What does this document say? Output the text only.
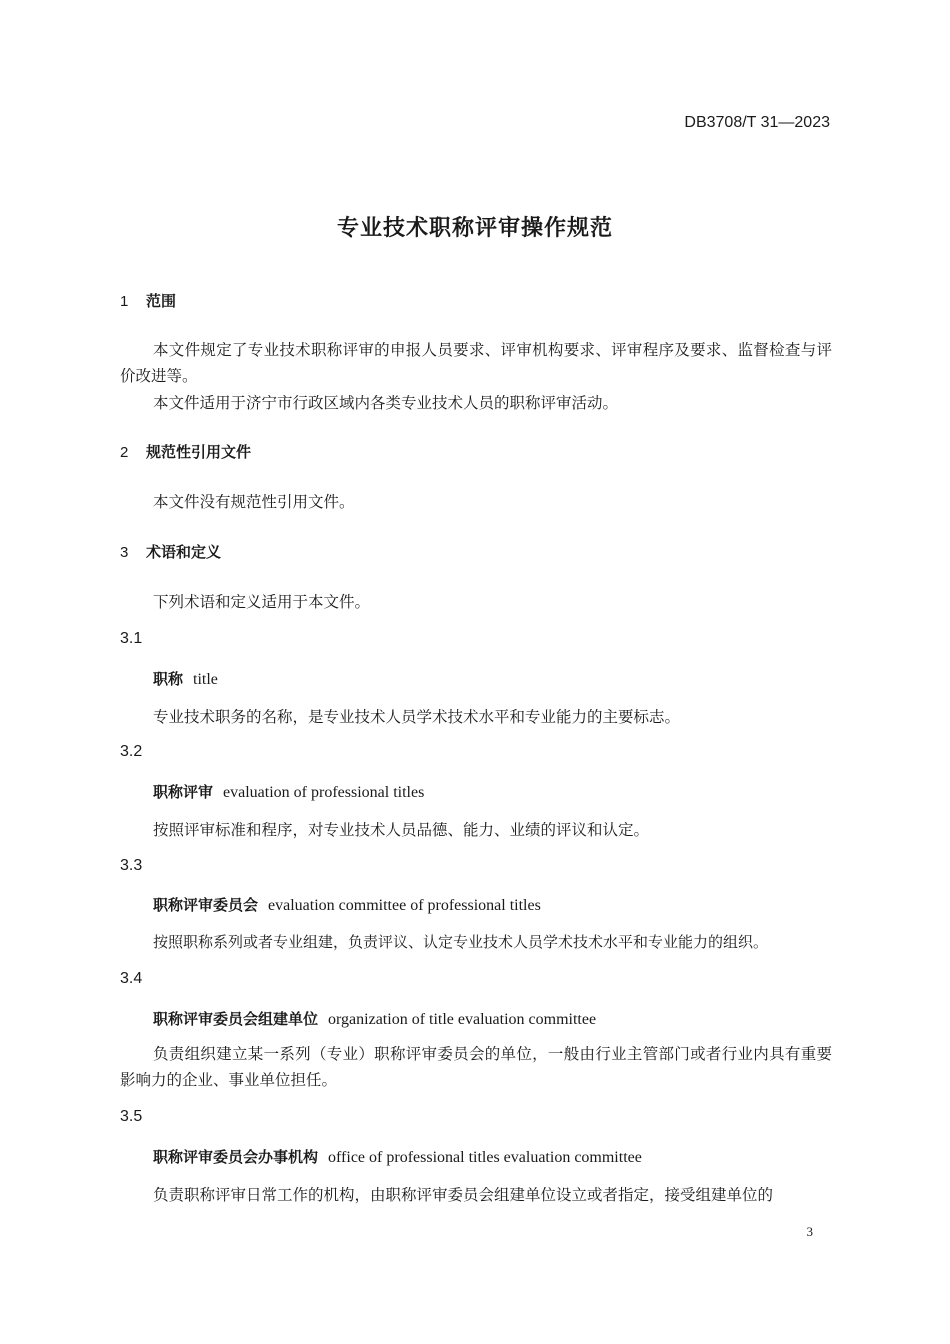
DB3708/T 31—2023
专业技术职称评审操作规范
1 范围
本文件规定了专业技术职称评审的申报人员要求、评审机构要求、评审程序及要求、监督检查与评价改进等。
本文件适用于济宁市行政区域内各类专业技术人员的职称评审活动。
2 规范性引用文件
本文件没有规范性引用文件。
3 术语和定义
下列术语和定义适用于本文件。
3.1
职称 title
专业技术职务的名称，是专业技术人员学术技术水平和专业能力的主要标志。
3.2
职称评审 evaluation of professional titles
按照评审标准和程序，对专业技术人员品德、能力、业绩的评议和认定。
3.3
职称评审委员会 evaluation committee of professional titles
按照职称系列或者专业组建，负责评议、认定专业技术人员学术技术水平和专业能力的组织。
3.4
职称评审委员会组建单位 organization of title evaluation committee
负责组织建立某一系列（专业）职称评审委员会的单位，一般由行业主管部门或者行业内具有重要影响力的企业、事业单位担任。
3.5
职称评审委员会办事机构 office of professional titles evaluation committee
负责职称评审日常工作的机构，由职称评审委员会组建单位设立或者指定，接受组建单位的
3
